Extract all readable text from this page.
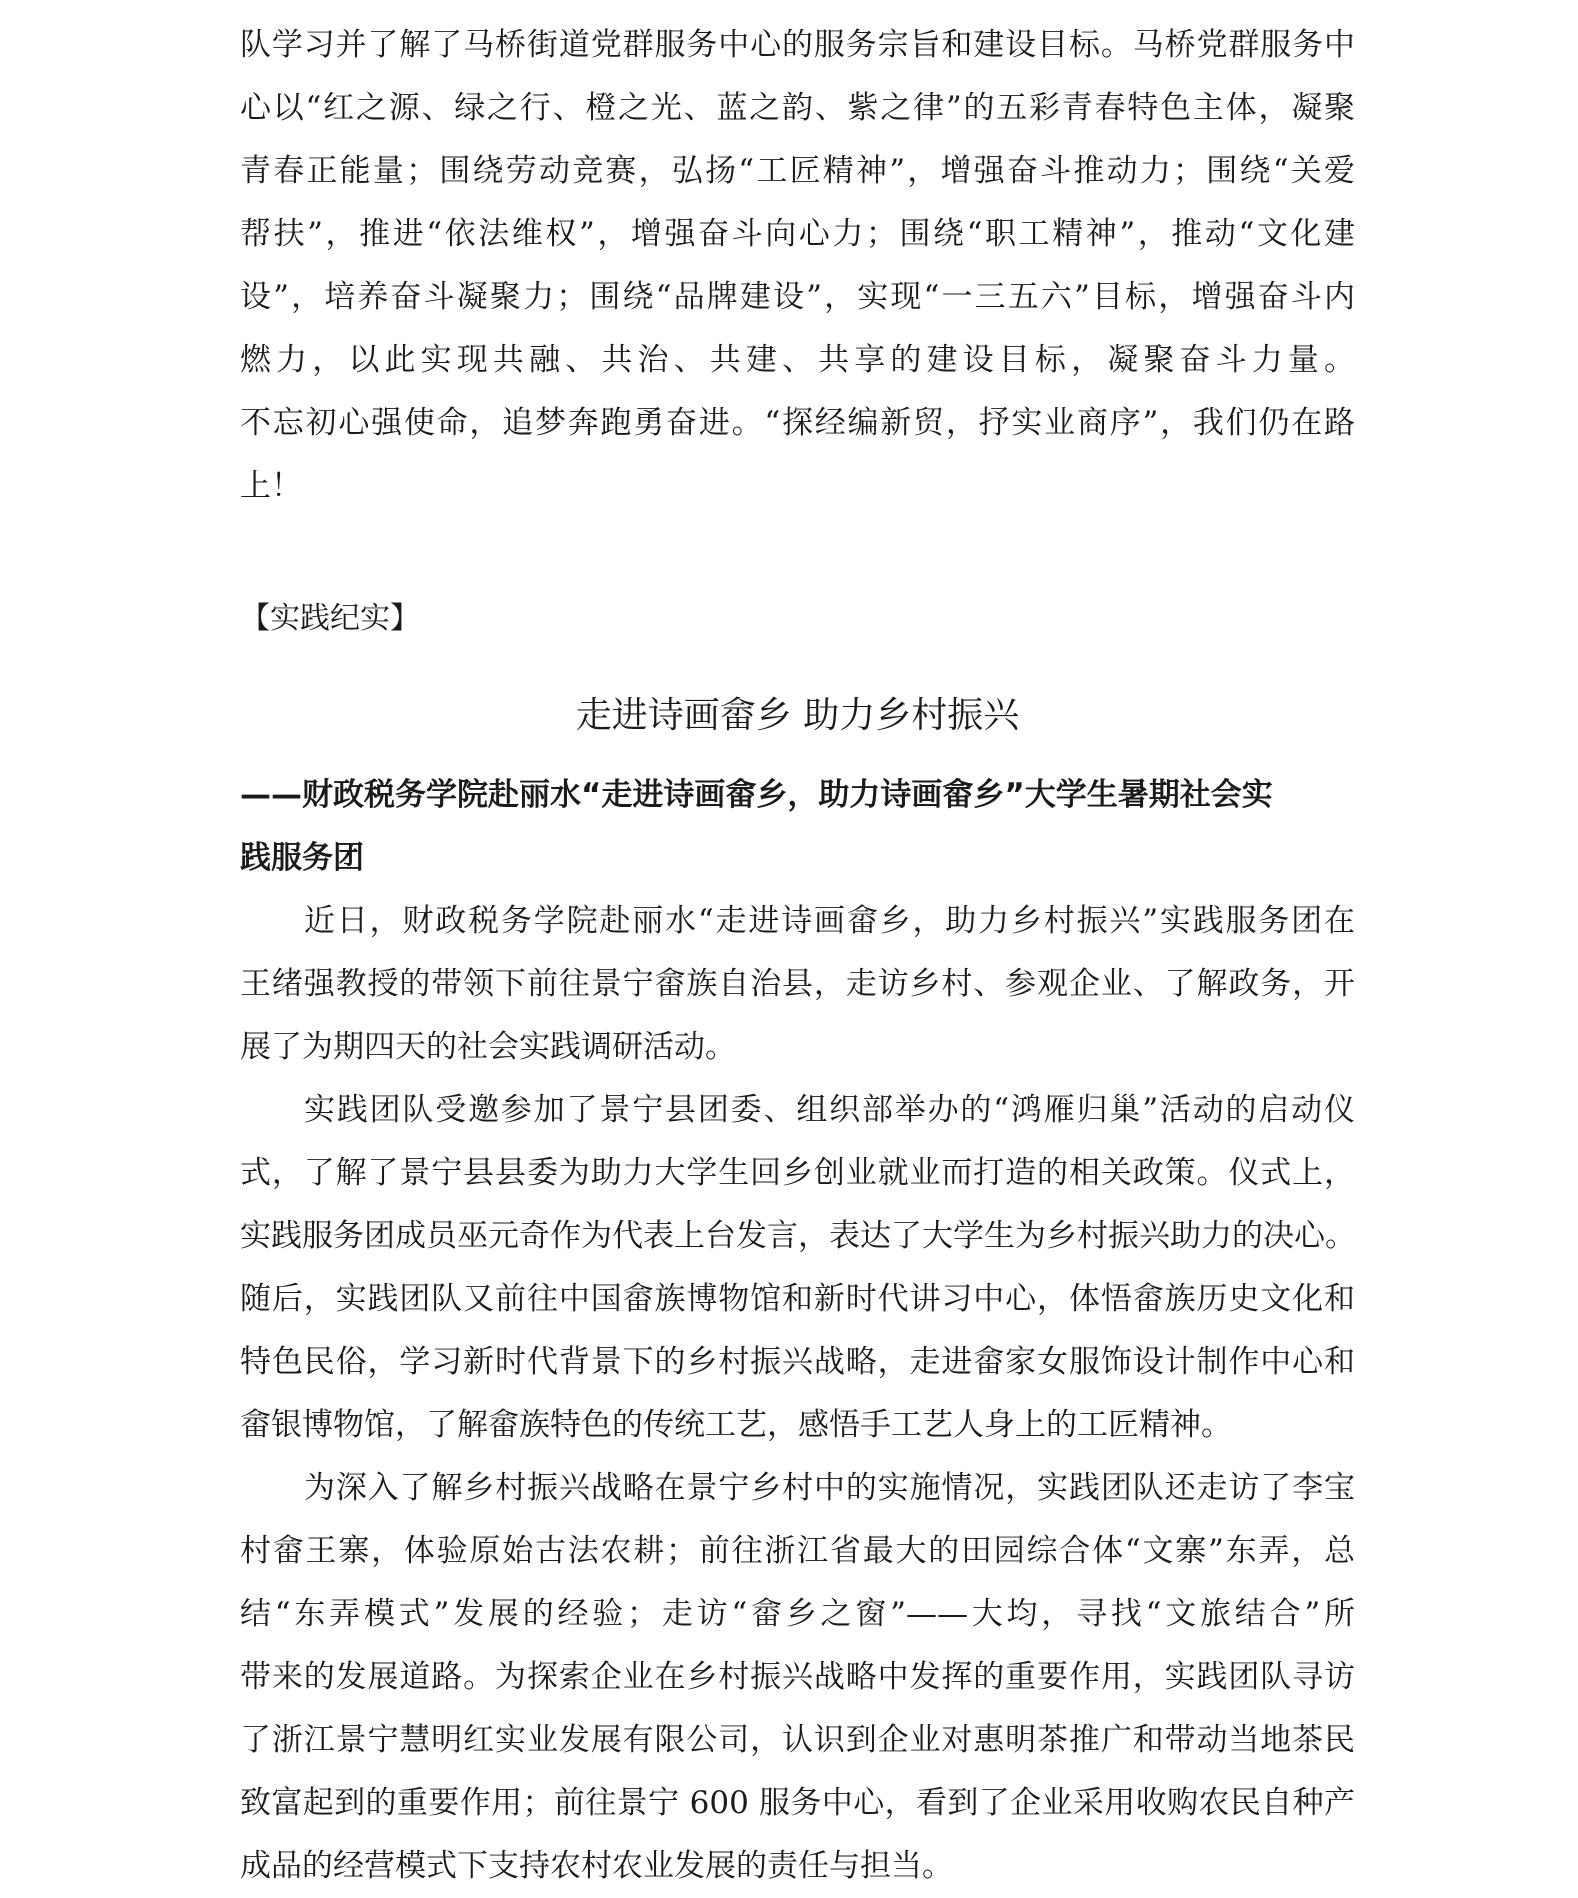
队学习并了解了马桥街道党群服务中心的服务宗旨和建设目标。马桥党群服务中
心以“红之源、绿之行、橙之光、蓝之韵、紫之律”的五彩青春特色主体，凝聚
青春正能量；围绕劳动竞赛，弘扬“工匠精神”，增强奋斗推动力；围绕“关爱
帮扶”，推进“依法维权”，增强奋斗向心力；围绕“职工精神”，推动“文化建
设”，培养奋斗凝聚力；围绕“品牌建设”，实现“一三五六”目标，增强奋斗内
燃力，以此实现共融、共治、共建、共享的建设目标，凝聚奋斗力量。
不忘初心强使命，追梦奔跑勇奋进。“探经编新贸，抒实业商序”，我们仍在路
上！
【实践纪实】
走进诗画畲乡 助力乡村振兴
——财政税务学院赴丽水“走进诗画畲乡，助力诗画畲乡”大学生暑期社会实
践服务团
近日，财政税务学院赴丽水“走进诗画畲乡，助力乡村振兴”实践服务团在
王绪强教授的带领下前往景宁畲族自治县，走访乡村、参观企业、了解政务，开
展了为期四天的社会实践调研活动。
实践团队受邀参加了景宁县团委、组织部举办的“鸿雁归巢”活动的启动仪
式，了解了景宁县县委为助力大学生回乡创业就业而打造的相关政策。仪式上，
实践服务团成员巫元奇作为代表上台发言，表达了大学生为乡村振兴助力的决心。
随后，实践团队又前往中国畲族博物馆和新时代讲习中心，体悟畲族历史文化和
特色民俗，学习新时代背景下的乡村振兴战略，走进畲家女服饰设计制作中心和
畲银博物馆，了解畲族特色的传统工艺，感悟手工艺人身上的工匠精神。
为深入了解乡村振兴战略在景宁乡村中的实施情况，实践团队还走访了李宝
村畲王寨，体验原始古法农耕；前往浙江省最大的田园综合体“文寨”东弄，总
结“东弄模式”发展的经验；走访“畲乡之窗”——大均，寻找“文旅结合”所
带来的发展道路。为探索企业在乡村振兴战略中发挥的重要作用，实践团队寻访
了浙江景宁慧明红实业发展有限公司，认识到企业对惠明茶推广和带动当地茶民
致富起到的重要作用；前往景宁 600 服务中心，看到了企业采用收购农民自种产
成品的经营模式下支持农村农业发展的责任与担当。
